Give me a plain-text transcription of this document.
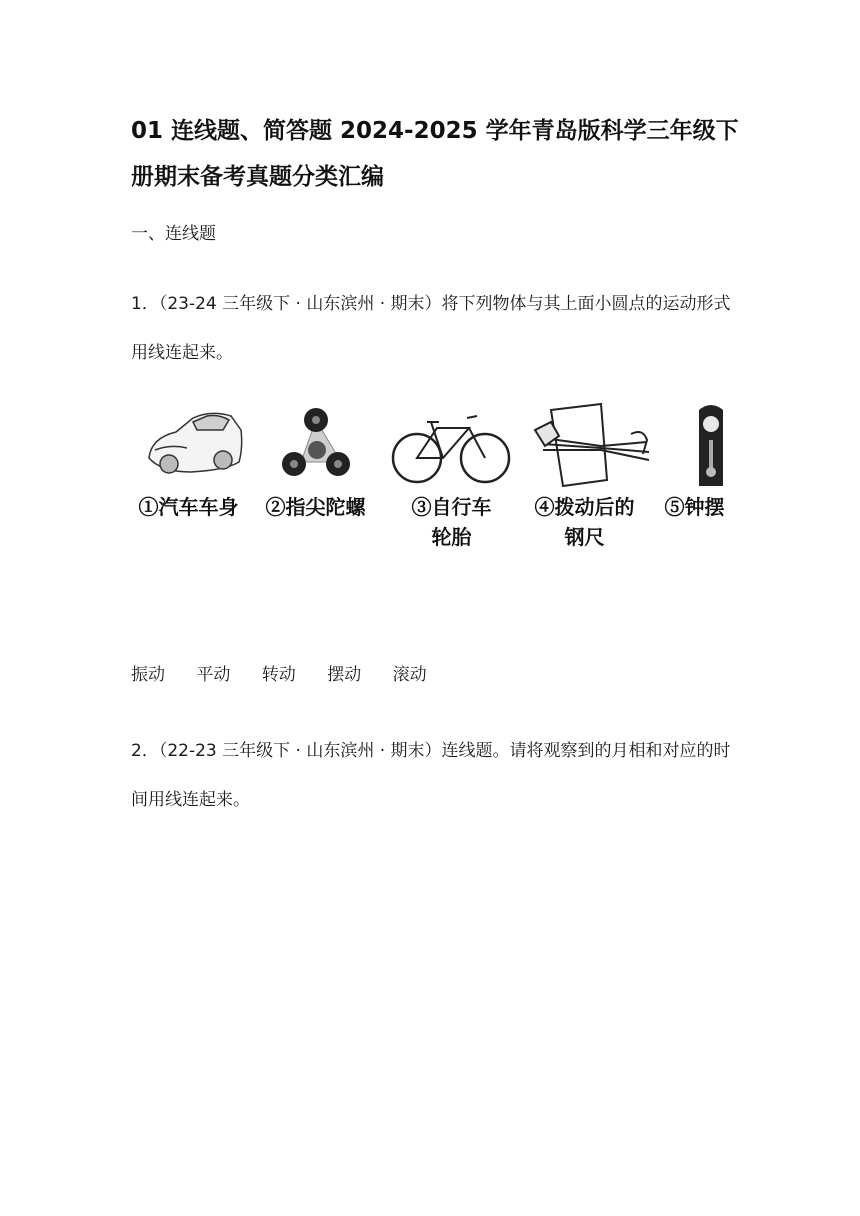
01 连线题、简答题 2024-2025 学年青岛版科学三年级下册期末备考真题分类汇编
一、连线题
1．（23-24 三年级下 · 山东滨州 · 期末）将下列物体与其上面小圆点的运动形式用线连起来。
①汽车车身	②指尖陀螺	③自行车
轮胎
④拨动后的
钢尺
⑤钟摆
振动 平动 转动 摆动 滚动
2．（22-23 三年级下 · 山东滨州 · 期末）连线题。请将观察到的月相和对应的时间用线连起来。
